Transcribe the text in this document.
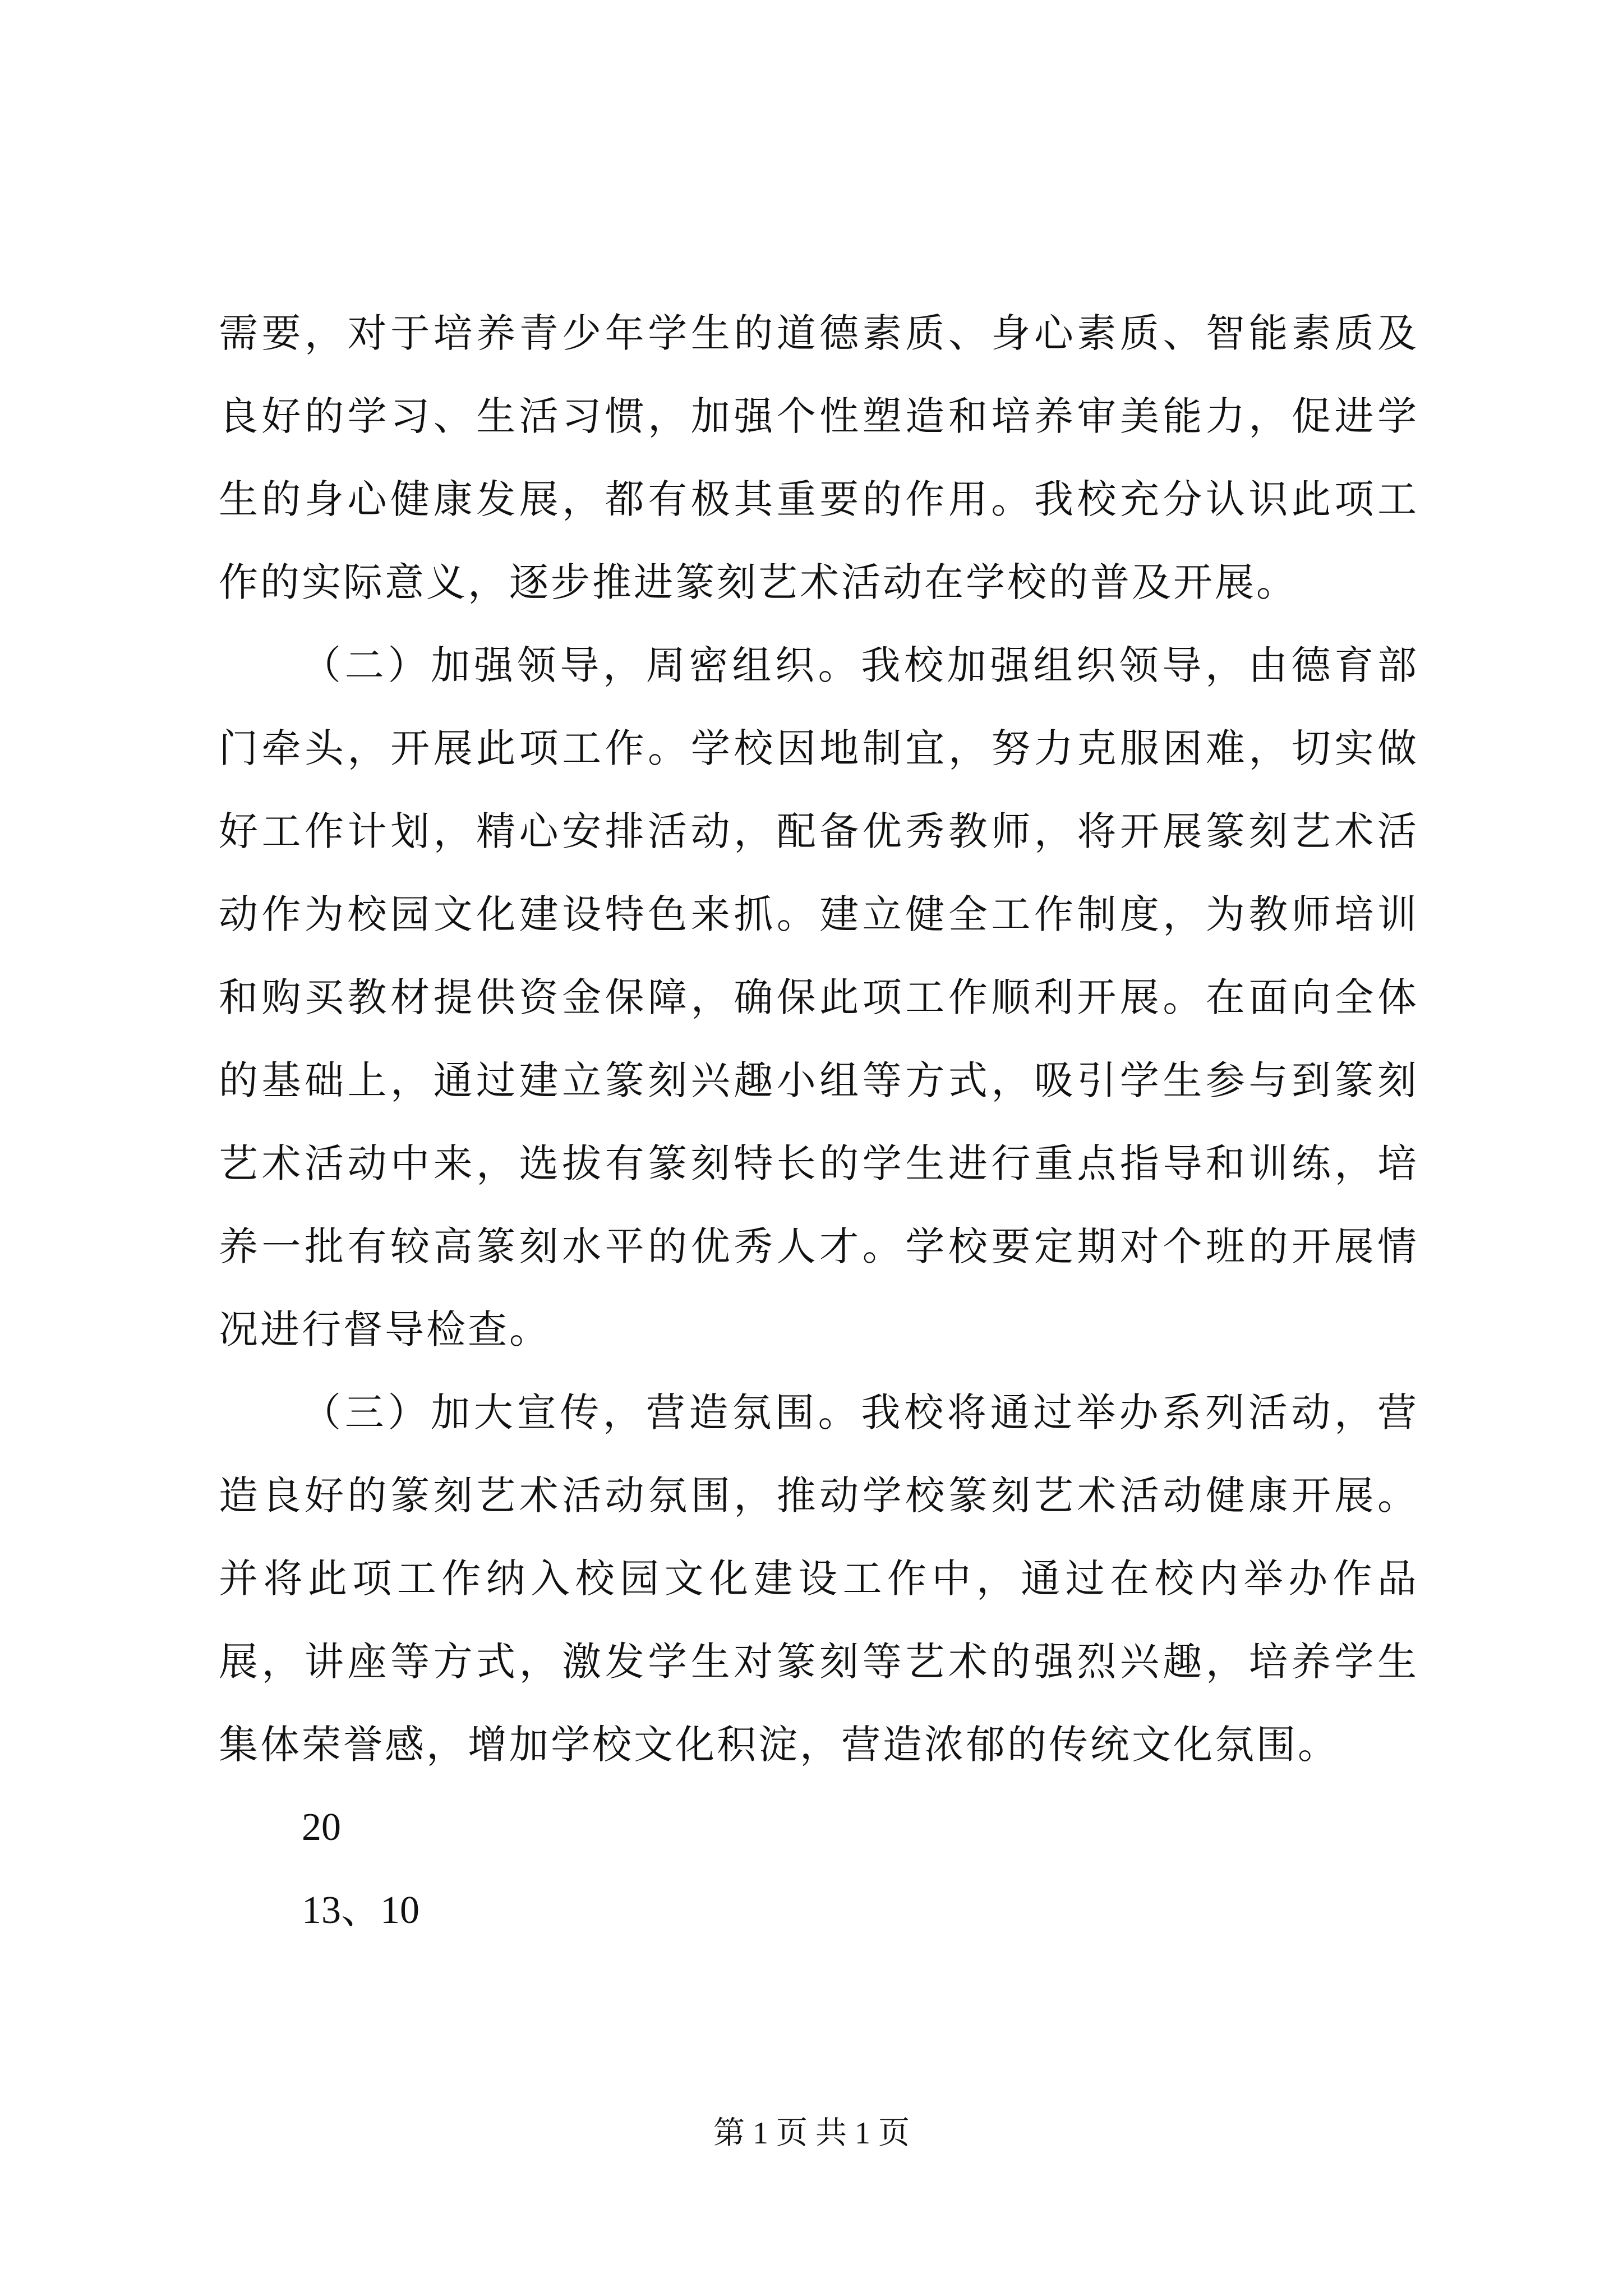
需要，对于培养青少年学生的道德素质、身心素质、智能素质及良好的学习、生活习惯，加强个性塑造和培养审美能力，促进学生的身心健康发展，都有极其重要的作用。我校充分认识此项工作的实际意义，逐步推进篆刻艺术活动在学校的普及开展。

（二）加强领导，周密组织。我校加强组织领导，由德育部门牵头，开展此项工作。学校因地制宜，努力克服困难，切实做好工作计划，精心安排活动，配备优秀教师，将开展篆刻艺术活动作为校园文化建设特色来抓。建立健全工作制度，为教师培训和购买教材提供资金保障，确保此项工作顺利开展。在面向全体的基础上，通过建立篆刻兴趣小组等方式，吸引学生参与到篆刻艺术活动中来，选拔有篆刻特长的学生进行重点指导和训练，培养一批有较高篆刻水平的优秀人才。学校要定期对个班的开展情况进行督导检查。

（三）加大宣传，营造氛围。我校将通过举办系列活动，营造良好的篆刻艺术活动氛围，推动学校篆刻艺术活动健康开展。并将此项工作纳入校园文化建设工作中，通过在校内举办作品展，讲座等方式，激发学生对篆刻等艺术的强烈兴趣，培养学生集体荣誉感，增加学校文化积淀，营造浓郁的传统文化氛围。

20

13、10

第 1 页 共 1 页
